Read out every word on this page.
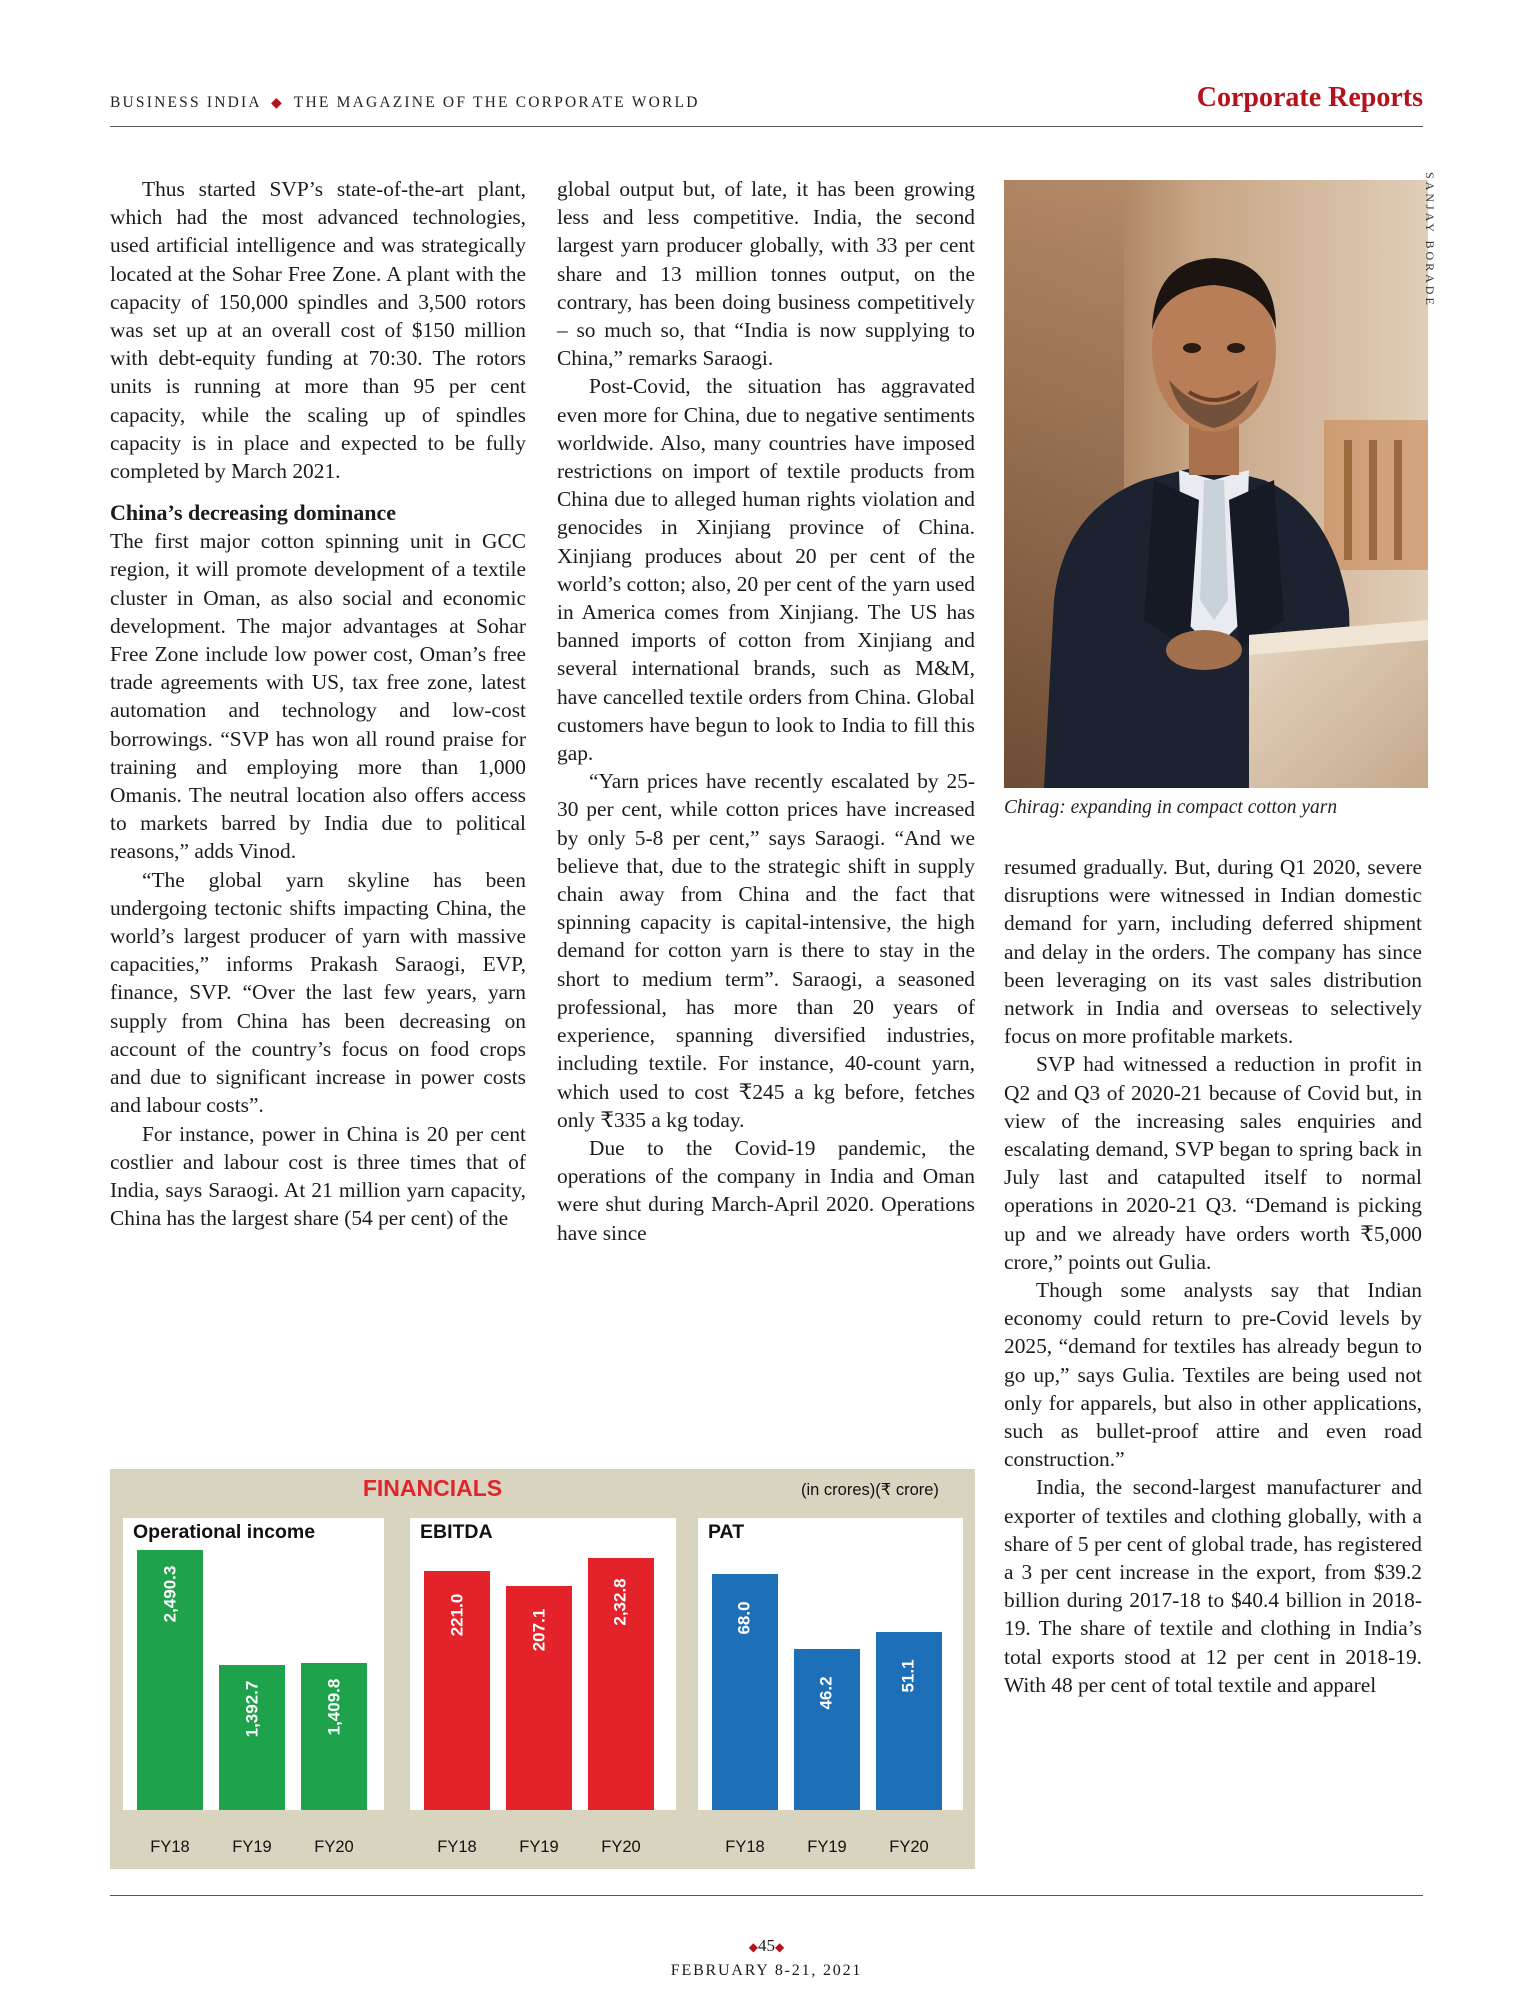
BUSINESS INDIA ◆ THE MAGAZINE OF THE CORPORATE WORLD	Corporate Reports

Thus started SVP’s state-of-the-art plant, which had the most advanced technologies, used artificial intelligence and was strategically located at the Sohar Free Zone. A plant with the capacity of 150,000 spindles and 3,500 rotors was set up at an overall cost of $150 million with debt-equity funding at 70:30. The rotors units is running at more than 95 per cent capacity, while the scaling up of spindles capacity is in place and expected to be fully completed by March 2021.

China’s decreasing dominance

The first major cotton spinning unit in GCC region, it will promote development of a textile cluster in Oman, as also social and economic development. The major advantages at Sohar Free Zone include low power cost, Oman’s free trade agreements with US, tax free zone, latest automation and technology and low-cost borrowings. “SVP has won all round praise for training and employing more than 1,000 Omanis. The neutral location also offers access to markets barred by India due to political reasons,” adds Vinod.

“The global yarn skyline has been undergoing tectonic shifts impacting China, the world’s largest producer of yarn with massive capacities,” informs Prakash Saraogi, EVP, finance, SVP. “Over the last few years, yarn supply from China has been decreasing on account of the country’s focus on food crops and due to significant increase in power costs and labour costs”.

For instance, power in China is 20 per cent costlier and labour cost is three times that of India, says Saraogi. At 21 million yarn capacity, China has the largest share (54 per cent) of the

global output but, of late, it has been growing less and less competitive. India, the second largest yarn producer globally, with 33 per cent share and 13 million tonnes output, on the contrary, has been doing business competitively – so much so, that “India is now supplying to China,” remarks Saraogi.

Post-Covid, the situation has aggravated even more for China, due to negative sentiments worldwide. Also, many countries have imposed restrictions on import of textile products from China due to alleged human rights violation and genocides in Xinjiang province of China. Xinjiang produces about 20 per cent of the world’s cotton; also, 20 per cent of the yarn used in America comes from Xinjiang. The US has banned imports of cotton from Xinjiang and several international brands, such as M&M, have cancelled textile orders from China. Global customers have begun to look to India to fill this gap.

“Yarn prices have recently escalated by 25-30 per cent, while cotton prices have increased by only 5-8 per cent,” says Saraogi. “And we believe that, due to the strategic shift in supply chain away from China and the fact that spinning capacity is capital-intensive, the high demand for cotton yarn is there to stay in the short to medium term”. Saraogi, a seasoned professional, has more than 20 years of experience, spanning diversified industries, including textile. For instance, 40-count yarn, which used to cost ₹245 a kg before, fetches only ₹335 a kg today.

Due to the Covid-19 pandemic, the operations of the company in India and Oman were shut during March-April 2020. Operations have since

SANJAY BORADE
Chirag: expanding in compact cotton yarn

resumed gradually. But, during Q1 2020, severe disruptions were witnessed in Indian domestic demand for yarn, including deferred shipment and delay in the orders. The company has since been leveraging on its vast sales distribution network in India and overseas to selectively focus on more profitable markets.

SVP had witnessed a reduction in profit in Q2 and Q3 of 2020-21 because of Covid but, in view of the increasing sales enquiries and escalating demand, SVP began to spring back in July last and catapulted itself to normal operations in 2020-21 Q3. “Demand is picking up and we already have orders worth ₹5,000 crore,” points out Gulia.

Though some analysts say that Indian economy could return to pre-Covid levels by 2025, “demand for textiles has already begun to go up,” says Gulia. Textiles are being used not only for apparels, but also in other applications, such as bullet-proof attire and even road construction.”

India, the second-largest manufacturer and exporter of textiles and clothing globally, with a share of 5 per cent of global trade, has registered a 3 per cent increase in the export, from $39.2 billion during 2017-18 to $40.4 billion in 2018-19. The share of textile and clothing in India’s total exports stood at 12 per cent in 2018-19. With 48 per cent of total textile and apparel

FINANCIALS	(in crores)(₹ crore)
FY18	FY19	FY20
Operational income
2,490.3
1,392.7	1,409.8
FY18	FY19	FY20
EBITDA
221.0	207.1
2,32.8
FY18	FY19	FY20
PAT
68.0
46.2
51.1
◆45◆
FEBRUARY 8-21, 2021
